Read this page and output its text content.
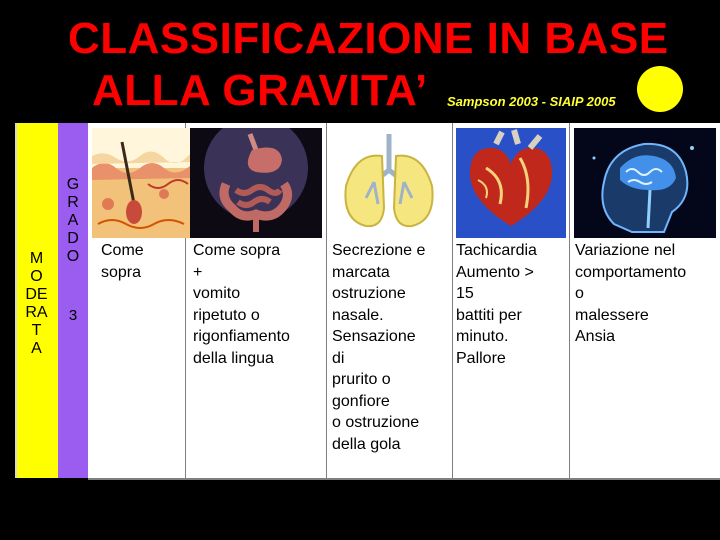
CLASSIFICAZIONE IN BASE
ALLA GRAVITA’ Sampson 2003 - SIAIP 2005
M
O
DE
RA
T
A
G
R
A
D
O
3
Come
sopra
Come sopra
+
vomito
ripetuto o
rigonfiamento
della lingua
Secrezione e
marcata
ostruzione
nasale.
Sensazione
di
prurito o
gonfiore
o ostruzione
della gola
Tachicardia
Aumento >
15
battiti per
minuto.
Pallore
Variazione nel
comportamento
o
malessere
Ansia
